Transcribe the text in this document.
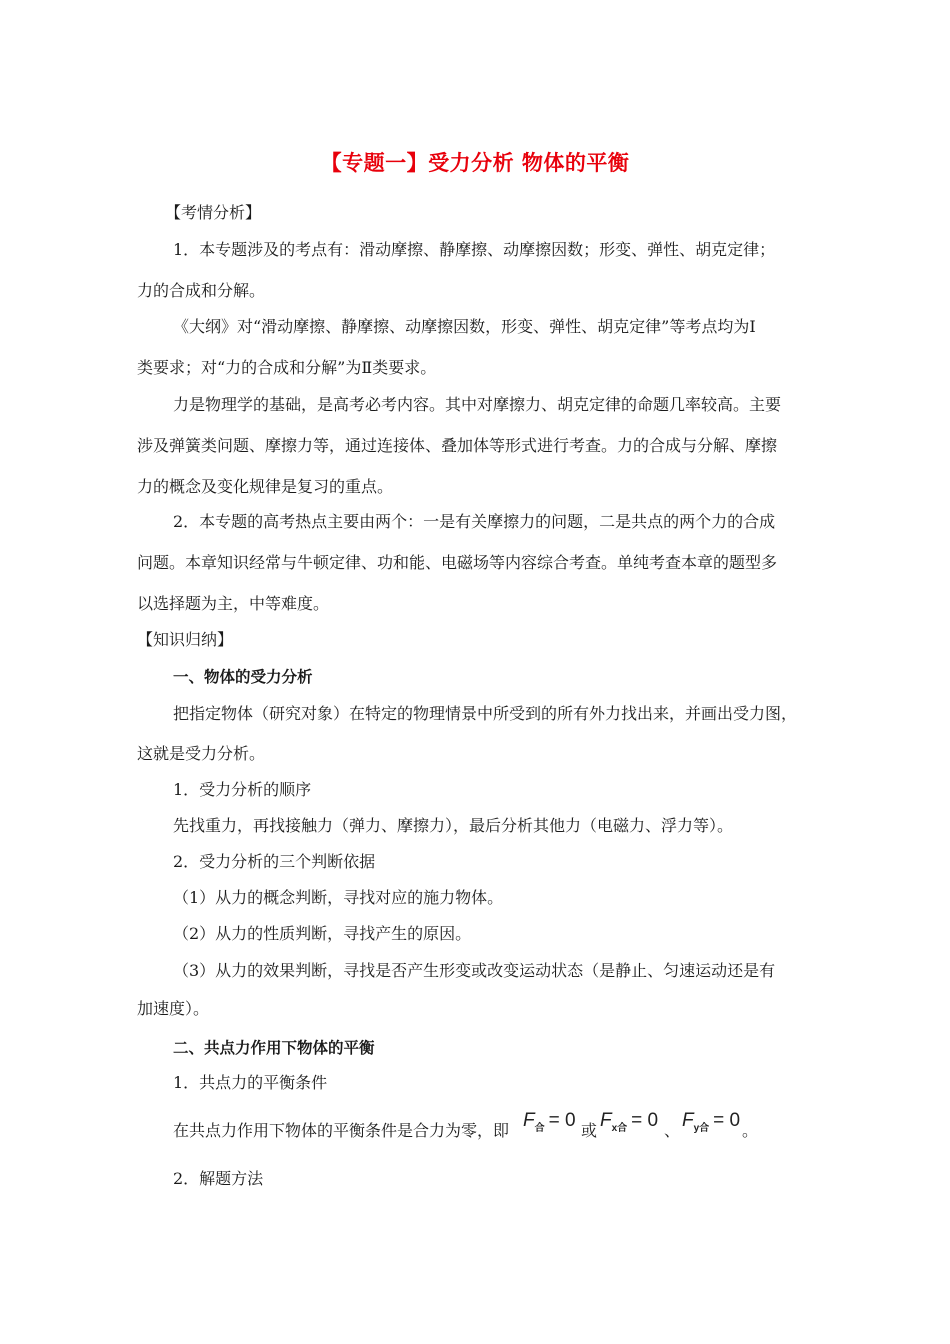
【专题一】受力分析 物体的平衡
【考情分析】
1．本专题涉及的考点有：滑动摩擦、静摩擦、动摩擦因数；形变、弹性、胡克定律；
力的合成和分解。
《大纲》对“滑动摩擦、静摩擦、动摩擦因数，形变、弹性、胡克定律”等考点均为Ⅰ
类要求；对“力的合成和分解”为Ⅱ类要求。
力是物理学的基础，是高考必考内容。其中对摩擦力、胡克定律的命题几率较高。主要
涉及弹簧类问题、摩擦力等，通过连接体、叠加体等形式进行考查。力的合成与分解、摩擦
力的概念及变化规律是复习的重点。
2．本专题的高考热点主要由两个：一是有关摩擦力的问题，二是共点的两个力的合成
问题。本章知识经常与牛顿定律、功和能、电磁场等内容综合考查。单纯考查本章的题型多
以选择题为主，中等难度。
【知识归纳】
一、物体的受力分析
把指定物体（研究对象）在特定的物理情景中所受到的所有外力找出来，并画出受力图，
这就是受力分析。
1．受力分析的顺序
先找重力，再找接触力（弹力、摩擦力），最后分析其他力（电磁力、浮力等）。
2．受力分析的三个判断依据
（1）从力的概念判断，寻找对应的施力物体。
（2）从力的性质判断，寻找产生的原因。
（3）从力的效果判断，寻找是否产生形变或改变运动状态（是静止、匀速运动还是有
加速度）。
二、共点力作用下物体的平衡
1．共点力的平衡条件
在共点力作用下物体的平衡条件是合力为零，即 $F_合 = 0$ 或 $F_{x合} = 0$ 、 $F_{y合} = 0$ 。
2．解题方法
